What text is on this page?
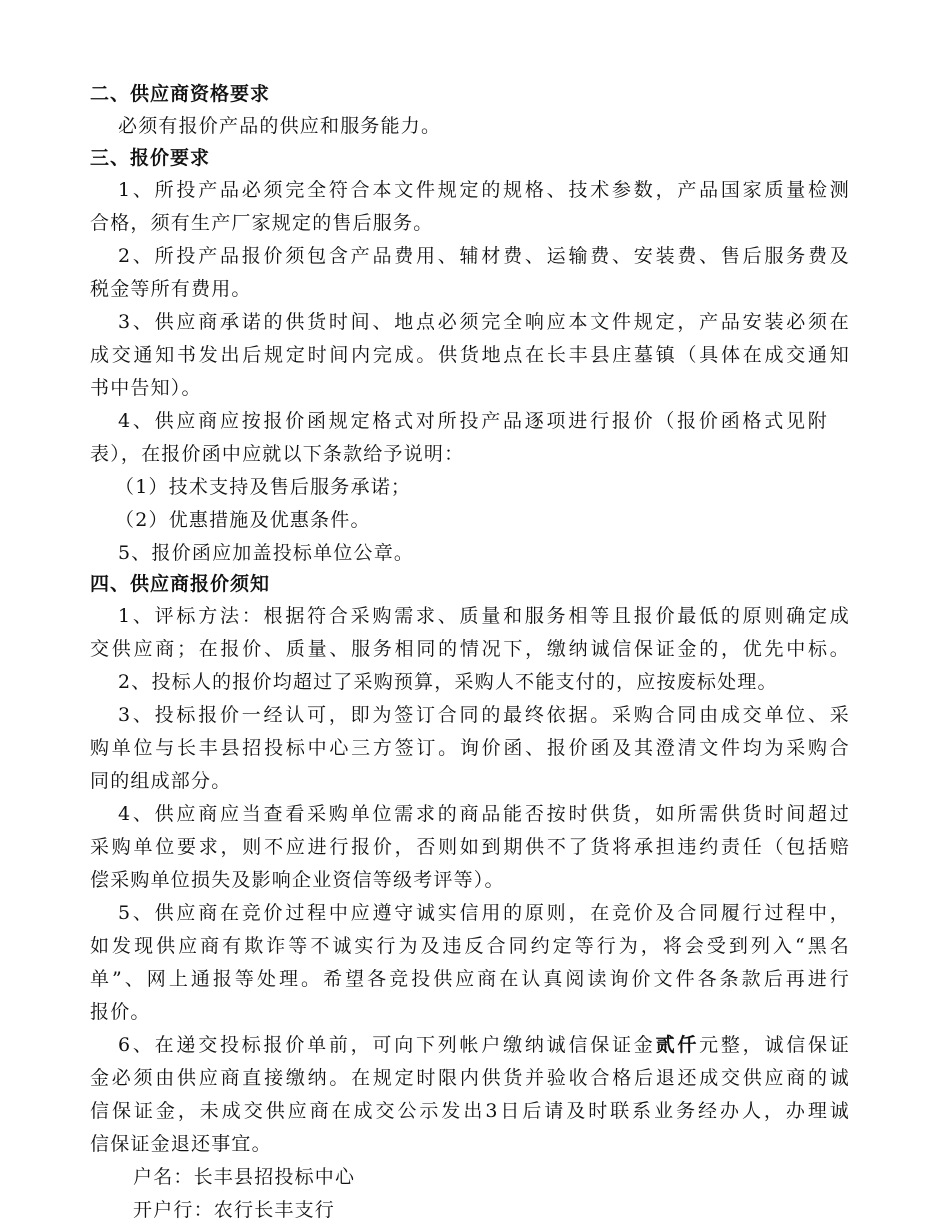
二、供应商资格要求
必须有报价产品的供应和服务能力。
三、报价要求
1、所投产品必须完全符合本文件规定的规格、技术参数，产品国家质量检测
合格，须有生产厂家规定的售后服务。
2、所投产品报价须包含产品费用、辅材费、运输费、安装费、售后服务费及
税金等所有费用。
3、供应商承诺的供货时间、地点必须完全响应本文件规定，产品安装必须在
成交通知书发出后规定时间内完成。供货地点在长丰县庄墓镇（具体在成交通知
书中告知）。
4、供应商应按报价函规定格式对所投产品逐项进行报价（报价函格式见附
表），在报价函中应就以下条款给予说明：
（1）技术支持及售后服务承诺；
（2）优惠措施及优惠条件。
5、报价函应加盖投标单位公章。
四、供应商报价须知
1、评标方法：根据符合采购需求、质量和服务相等且报价最低的原则确定成
交供应商；在报价、质量、服务相同的情况下，缴纳诚信保证金的，优先中标。
2、投标人的报价均超过了采购预算，采购人不能支付的，应按废标处理。
3、投标报价一经认可，即为签订合同的最终依据。采购合同由成交单位、采
购单位与长丰县招投标中心三方签订。询价函、报价函及其澄清文件均为采购合
同的组成部分。
4、供应商应当查看采购单位需求的商品能否按时供货，如所需供货时间超过
采购单位要求，则不应进行报价，否则如到期供不了货将承担违约责任（包括赔
偿采购单位损失及影响企业资信等级考评等）。
5、供应商在竞价过程中应遵守诚实信用的原则，在竞价及合同履行过程中，
如发现供应商有欺诈等不诚实行为及违反合同约定等行为，将会受到列入“黑名
单”、网上通报等处理。希望各竞投供应商在认真阅读询价文件各条款后再进行
报价。
6、在递交投标报价单前，可向下列帐户缴纳诚信保证金贰仟元整，诚信保证
金必须由供应商直接缴纳。在规定时限内供货并验收合格后退还成交供应商的诚
信保证金，未成交供应商在成交公示发出3日后请及时联系业务经办人，办理诚
信保证金退还事宜。
户名：长丰县招投标中心
开户行：农行长丰支行
